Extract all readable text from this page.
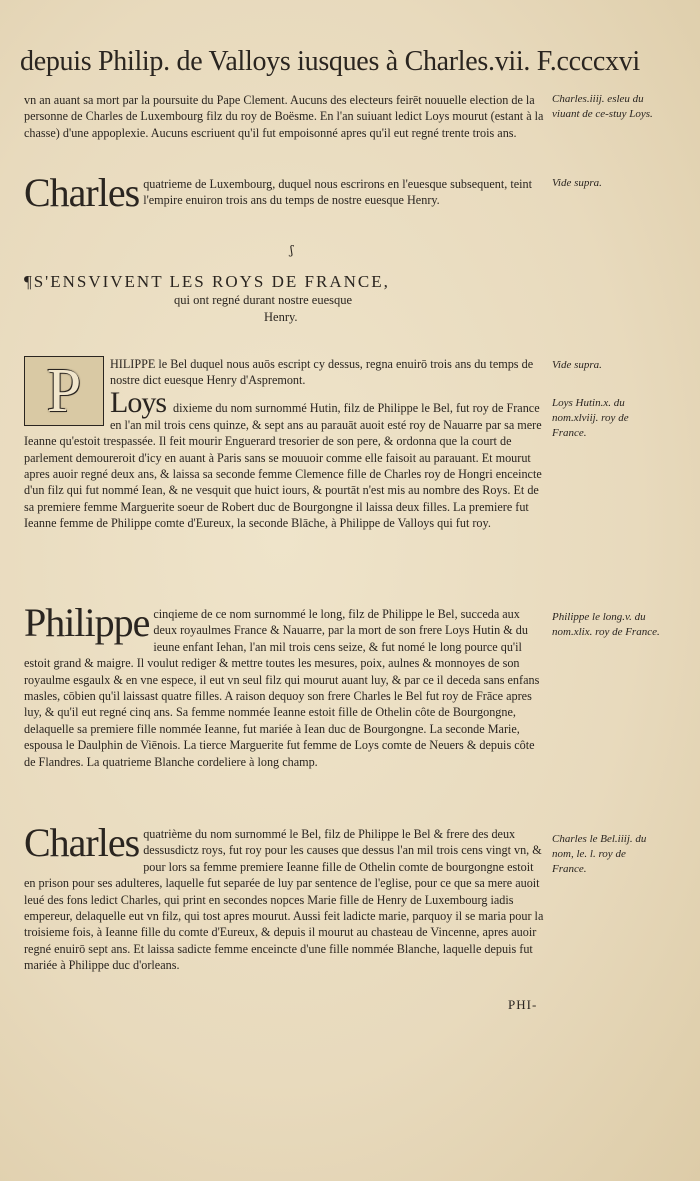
depuis Philip. de Valloys iusques à Charles.vii. F.ccccxvi

vn an auant sa mort par la poursuite du Pape Clement. Aucuns des electeurs feirēt nouuelle election de la personne de Charles de Luxembourg filz du roy de Boësme. En l'an suiuant ledict Loys mourut (estant à la chasse) d'une appoplexie. Aucuns escriuent qu'il fut empoisonné apres qu'il eut regné trente trois ans.

Charles.iiij. esleu du viuant de ce-stuy Loys.
Charles quatrieme de Luxembourg, duquel nous escrirons en l'euesque subsequent, teint l'empire enuiron trois ans du temps de nostre euesque Henry.

Vide supra.
ʃ
¶S'ENSVIVENT LES ROYS DE FRANCE,
qui ont regné durant nostre euesque
Henry.
P	HILIPPE le Bel duquel nous auōs escript cy dessus, regna enuirō trois ans du temps de nostre dict euesque Henry d'Aspremont.

Loys dixieme du nom surnommé Hutin, filz de Philippe le Bel, fut roy de France en l'an mil trois cens quinze, & sept ans au parauāt auoit esté roy de Nauarre par sa mere Ieanne qu'estoit trespassée. Il feit mourir Enguerard tresorier de son pere, & ordonna que la court de parlement demoureroit d'icy en auant à Paris sans se mouuoir comme elle faisoit au parauant. Et mourut apres auoir regné deux ans, & laissa sa seconde femme Clemence fille de Charles roy de Hongri enceincte d'un filz qui fut nommé Iean, & ne vesquit que huict iours, & pourtāt n'est mis au nombre des Roys. Et de sa premiere femme Marguerite soeur de Robert duc de Bourgongne il laissa deux filles. La premiere fut Ieanne femme de Philippe comte d'Eureux, la seconde Blāche, à Philippe de Valloys qui fut roy.

Vide supra.
Loys Hutin.x. du nom.xlviij. roy de France.
Philippe cinqieme de ce nom surnommé le long, filz de Philippe le Bel, succeda aux deux royaulmes France & Nauarre, par la mort de son frere Loys Hutin & du ieune enfant Iehan, l'an mil trois cens seize, & fut nomé le long pource qu'il estoit grand & maigre. Il voulut rediger & mettre toutes les mesures, poix, aulnes & monnoyes de son royaulme esgaulx & en vne espece, il eut vn seul filz qui mourut auant luy, & par ce il deceda sans enfans masles, cōbien qu'il laissast quatre filles. A raison dequoy son frere Charles le Bel fut roy de Frāce apres luy, & qu'il eut regné cinq ans. Sa femme nommée Ieanne estoit fille de Othelin côte de Bourgongne, delaquelle sa premiere fille nommée Ieanne, fut mariée à Iean duc de Bourgongne. La seconde Marie, espousa le Daulphin de Viēnois. La tierce Marguerite fut femme de Loys comte de Neuers & depuis côte de Flandres. La quatrieme Blanche cordeliere à long champ.

Philippe le long.v. du nom.xlix. roy de France.
Charles quatrième du nom surnommé le Bel, filz de Philippe le Bel & frere des deux dessusdictz roys, fut roy pour les causes que dessus l'an mil trois cens vingt vn, & pour lors sa femme premiere Ieanne fille de Othelin comte de bourgongne estoit en prison pour ses adulteres, laquelle fut separée de luy par sentence de l'eglise, pour ce que sa mere auoit leué des fons ledict Charles, qui print en secondes nopces Marie fille de Henry de Luxembourg iadis empereur, delaquelle eut vn filz, qui tost apres mourut. Aussi feit ladicte marie, parquoy il se maria pour la troisieme fois, à Ieanne fille du comte d'Eureux, & depuis il mourut au chasteau de Vincenne, apres auoir regné enuirō sept ans. Et laissa sadicte femme enceincte d'une fille nommée Blanche, laquelle depuis fut mariée à Philippe duc d'orleans.

Charles le Bel.iiij. du nom, le. l. roy de France.
PHI-
